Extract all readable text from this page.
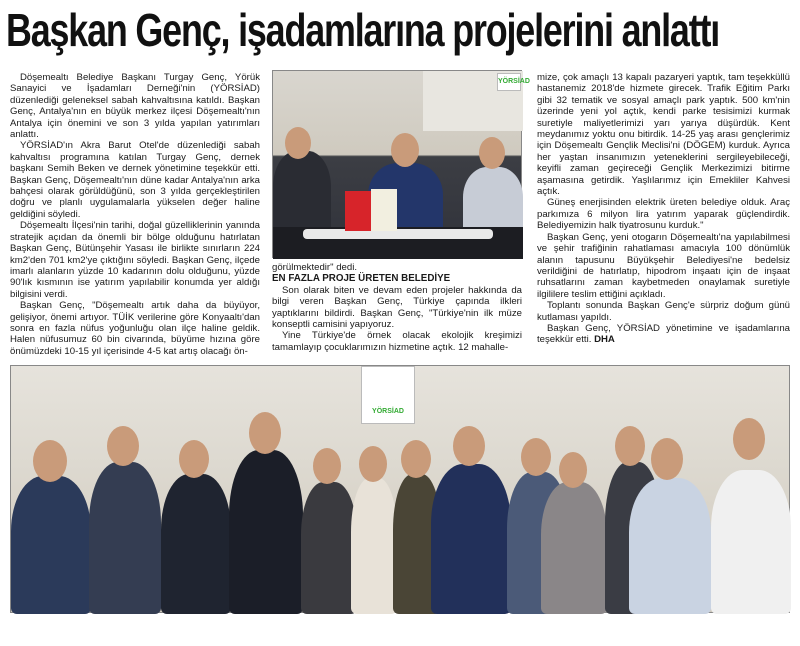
Başkan Genç, işadamlarına projelerini anlattı

Döşemealtı Belediye Başkanı Turgay Genç, Yörük Sanayici ve İşadamları Derneği'nin (YÖRSİAD) düzenlediği geleneksel sabah kahvaltısına katıldı. Başkan Genç, Antalya'nın en büyük merkez ilçesi Döşemealtı'nın Antalya için önemini ve son 3 yılda yapılan yatırımları anlattı.

YÖRSİAD'ın Akra Barut Otel'de düzenlediği sabah kahvaltısı programına katılan Turgay Genç, dernek başkanı Semih Beken ve dernek yönetimine teşekkür etti. Başkan Genç, Döşemealtı'nın düne kadar Antalya'nın arka bahçesi olarak görüldüğünü, son 3 yılda gerçekleştirilen doğru ve planlı uygulamalarla yükselen değer haline geldiğini söyledi.

Döşemealtı İlçesi'nin tarihi, doğal güzelliklerinin yanında stratejik açıdan da önemli bir bölge olduğunu hatırlatan Başkan Genç, Bütünşehir Yasası ile birlikte sınırların 224 km2'den 701 km2'ye çıktığını söyledi. Başkan Genç, ilçede imarlı alanların yüzde 10 kadarının dolu olduğunu, yüzde 90'lık kısmının ise yatırım yapılabilir konumda yer aldığı bilgisini verdi.

Başkan Genç, "Döşemealtı artık daha da büyüyor, gelişiyor, önemi artıyor. TÜİK verilerine göre Konyaaltı'dan sonra en fazla nüfus yoğunluğu olan ilçe haline geldik. Halen nüfusumuz 60 bin civarında, büyüme hızına göre önümüzdeki 10-15 yıl içerisinde 4-5 kat artış olacağı ön-

YÖRSİAD

görülmektedir" dedi.

EN FAZLA PROJE ÜRETEN BELEDİYE

Son olarak biten ve devam eden projeler hakkında da bilgi veren Başkan Genç, Türkiye çapında ilkleri yaptıklarını bildirdi. Başkan Genç, "Türkiye'nin ilk müze konseptli camisini yapıyoruz.

Yine Türkiye'de örnek olacak ekolojik kreşimizi tamamlayıp çocuklarımızın hizmetine açtık. 12 mahalle-

mize, çok amaçlı 13 kapalı pazaryeri yaptık, tam teşekküllü hastanemiz 2018'de hizmete girecek. Trafik Eğitim Parkı gibi 32 tematik ve sosyal amaçlı park yaptık. 500 km'nin üzerinde yeni yol açtık, kendi parke tesisimizi kurmak suretiyle maliyetlerimizi yarı yarıya düşürdük. Kent meydanımız yoktu onu bitirdik. 14-25 yaş arası gençlerimiz için Döşemealtı Gençlik Meclisi'ni (DÖGEM) kurduk. Ayrıca her yaştan insanımızın yeteneklerini sergileyebileceği, keyifli zaman geçireceği Gençlik Merkezimizi bitirme aşamasına getirdik. Yaşlılarımız için Emekliler Kahvesi açtık.

Güneş enerjisinden elektrik üreten belediye olduk. Araç parkımıza 6 milyon lira yatırım yaparak güçlendirdik. Belediyemizin halk tiyatrosunu kurduk."

Başkan Genç, yeni otogarın Döşemealtı'na yapılabilmesi ve şehir trafiğinin rahatlaması amacıyla 100 dönümlük alanın tapusunu Büyükşehir Belediyesi'ne bedelsiz verildiğini de hatırlatıp, hipodrom inşaatı için de inşaat ruhsatlarını zaman kaybetmeden onaylamak suretiyle ilgililere teslim ettiğini açıkladı.

Toplantı sonunda Başkan Genç'e sürpriz doğum günü kutlaması yapıldı.

Başkan Genç, YÖRSİAD yönetimine ve işadamlarına teşekkür etti. DHA

YÖRSİAD
